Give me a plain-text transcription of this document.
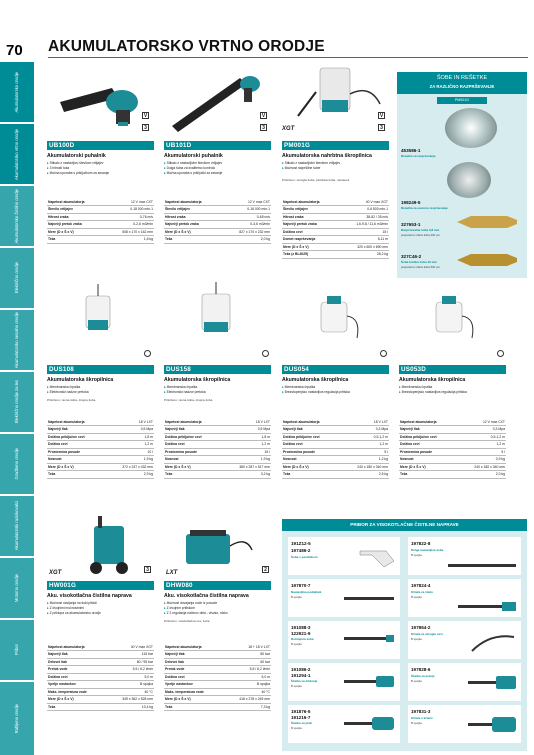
70 AKUMULATORSKO VRTNO ORODJE
Akumulatorsko orodje
Akumulatorsko vrtno orodje
Akumulatorsko čistilno orodje
Električno orodje
Akumulatorsko sesalno orodje
Električno orodje za les
Gradbeno orodje
Akumulatorski raziskovalci
Motorno orodje
Pribor
Rabljeno orodje
V
3
V
3	XGT
V
3
UB100D	UB101D	PM001G
Akumulatorski puhalnik	Akumulatorski puhalnik	Akumulatorska nahrbtna škropilnica
▸ Stikalo z nastavljivo številom vrtljajev
▸ 3 hitrosti toka
▸ Možna uporaba s priključkom za sesanje
▸ Stikalo z nastavljivim številom vrtljajev
▸ Dolga šoba za kvalitetno kontrolo
▸ Možna uporaba s priključki za sesanje
▸ Stikalo z nastavljivim številom vrtljajev
▸ Možnost razpršilne šobe
Priloženo: okrogla šoba, ploščata šoba, nastavek
Napetost akumulatorja	12 V max CXT
Število vrtljajev	0-18 000 min-1
Hitrost zraka	0-76 m/s
Največji pretok zraka	0-2,6 m3/min
Mere (D x Š x V)	508 x 170 x 162 mm
Teža	1,6 kg
Napetost akumulatorja	12 V max CXT
Število vrtljajev	0-16 000 min-1
Hitrost zraka	0-65 m/s
Največji pretok zraka	0-3,6 m3/min
Mere (D x Š x V)	827 x 170 x 232 mm
Teža	2,0 kg
Napetost akumulatorja	40 V max XGT
Število vrtljajev	0-6 500 min-1
Hitrost zraka	38-82 / 35 m/s
Največji pretok zraka	1,6-9,8 / 11,6 m3/min
Dolžina cevi	15 l
Domet razprševanja	5-11 m
Mere (D x Š x V)	320 x 600 x 690 mm
Teža (z BL4025)	28,2 kg
ŠOBE IN REŠETKE
ZA RAZLIČNO RAZPRŠEVANJE
PM001G
453586-1
Rešetka za razprševanje
198249-5
Rešetka za ozemno razprševanje
327653-1
Razprševalna šoba 0,8 mm
pospešena vrtilna šoba 200 µm
327C46-2
Šoba koniku šoba 10 mm
pospešena vrtilna šoba 500 µm
DUS108	DUS158	DUS054	US053D
Akumulatorska škropilnica	Akumulatorska škropilnica	Akumulatorska škropilnica	Akumulatorska škropilnica
▸ Membranska črpalka
▸ Elektronski nadzor pretoka
Priloženo: ravna šoba, dvojna šoba
▸ Membranska črpalka
▸ Elektronski nadzor pretoka
Priloženo: ravna šoba, dvojna šoba
▸ Membranska črpalka
▸ Brezstopenjsko nastavljiva regulacija pritiska
▸ Membranska črpalka
▸ Brezstopenjsko nastavljiva regulacija pritiska
Napetost akumulatorja	18 V LXT
Največji tlak	0,5 Mpa
Dolžina priključne cevi	1,8 m
Dolžina cevi	1,2 m
Prostornina posode	10 l
Nosnost	1,9 kg
Mere (D x Š x V)	372 x 237 x 432 mm
Teža	2,9 kg
Napetost akumulatorja	18 V LXT
Največji tlak	0,5 Mpa
Dolžina priključne cevi	1,8 m
Dolžina cevi	1,2 m
Prostornina posode	15 l
Nosnost	1,9 kg
Mere (D x Š x V)	380 x 287 x 517 mm
Teža	3,2 kg
Napetost akumulatorja	18 V LXT
Največji tlak	0,3 Mpa
Dolžina priključne cevi	0,5-1,2 m
Dolžina cevi	1,2 m
Prostornina posode	5 l
Nosnost	1,2 kg
Mere (D x Š x V)	240 x 180 x 340 mm
Teža	2,5 kg
Napetost akumulatorja	12 V max CXT
Največji tlak	0,3 Mpa
Dolžina priključne cevi	0,5-1,2 m
Dolžina cevi	1,2 m
Prostornina posode	5 l
Nosnost	0,9 kg
Mere (D x Š x V)	240 x 180 x 340 mm
Teža	2,0 kg
XGT	LXT
3	2
HW001G	DHW080
Aku. visokotlačna čistilna naprava	Aku. visokotlačna čistilna naprava
▸ Možnost navijanja na šobi pištoli
▸ Z dvojnimi močnostnimi
▸ Z priklopa za akumulatorsko orodje
▸ Možnost dovajanja vode iz posode
▸ Z dvojnim pritiskom
▸ Z 2 regulacija načinov dela - visoko, nizko
Priloženo: visokotlačna cev, šoba
Napetost akumulatorja	40 V max XGT
Največji tlak	115 bar
Delovni tlak	80 / 95 bar
Pretok vode	5,5 / 6,2 l/min
Dolžina cevi	5,0 m
Vpetje nastavkov	B spojka
Maks. temperatura vode	40 °C
Mere (D x Š x V)	349 x 362 x 528 mm
Teža	10,4 kg
Napetost akumulatorja	18 + 18 V LXT
Največji tlak	80 bar
Delovni tlak	60 bar
Pretok vode	5,5 / 6,2 l/min
Dolžina cevi	5,0 m
Vpetje nastavkov	B spojka
Maks. temperatura vode	40 °C
Mere (D x Š x V)	418 x 278 x 249 mm
Teža	7,3 kg
PRIBOR ZA VISOKOTLAČNE ČISTILNE NAPRAVE
191Z12-5
197486-2
Šoba s penilnikom
197870-7
Nastavljiva podaljšek
B spojka
191088-3
122921-9
Rotirajoča šoba
B spojka
191086-2
191294-1
Ščetka za čiščenje
B spojka
191876-5
191216-7
Ščetka za prah
B spojka
197822-8
Dolga nastavljiva šoba
B spojka
197824-4
Krtača za ščeto
B spojka
197864-2
Krtača za okrogle cevi
B spojka
197828-6
Ščetka za pranje
B spojka
197831-3
Krtača s krtačo
B spojka
